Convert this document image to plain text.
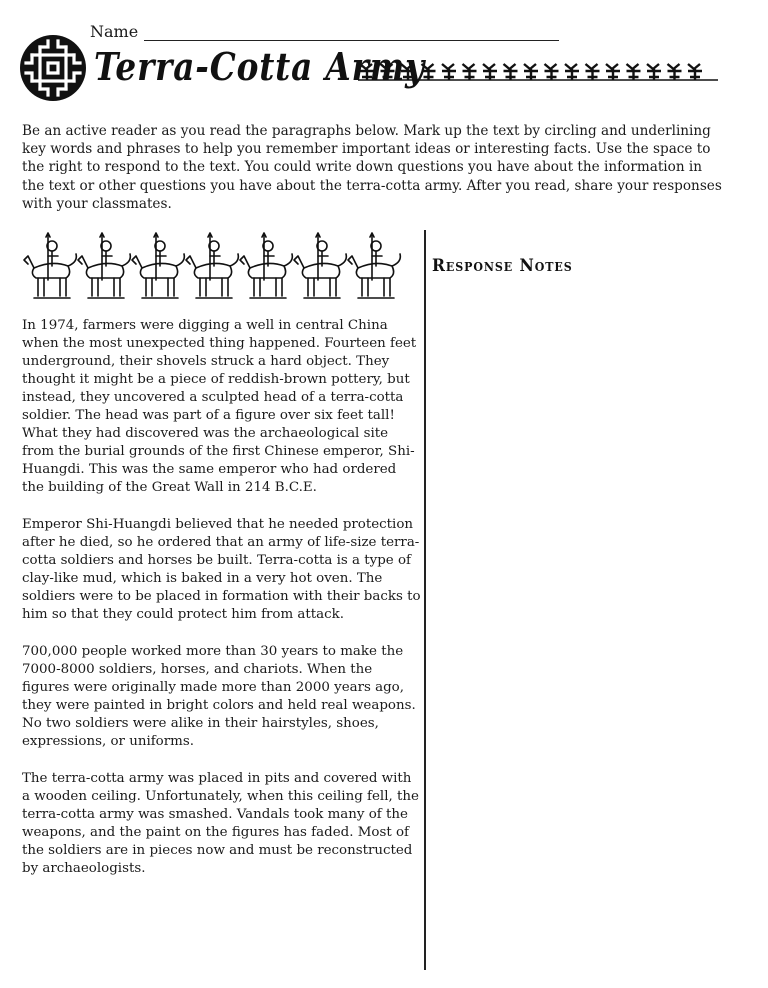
Name
Terra-Cotta Army

Be an active reader as you read the paragraphs below. Mark up the text by circling and underlining key words and phrases to help you remember important ideas or interesting facts. Use the space to the right to respond to the text. You could write down questions you have about the information in the text or other questions you have about the terra-cotta army. After you read, share your responses with your classmates.

Response Notes

In 1974, farmers were digging a well in central China when the most unexpected thing happened. Fourteen feet underground, their shovels struck a hard object. They thought it might be a piece of reddish-brown pottery, but instead, they uncovered a sculpted head of a terra-cotta soldier. The head was part of a figure over six feet tall! What they had discovered was the archaeological site from the burial grounds of the first Chinese emperor, Shi-Huangdi. This was the same emperor who had ordered the building of the Great Wall in 214 B.C.E.

Emperor Shi-Huangdi believed that he needed protection after he died, so he ordered that an army of life-size terra-cotta soldiers and horses be built. Terra-cotta is a type of clay-like mud, which is baked in a very hot oven. The soldiers were to be placed in formation with their backs to him so that they could protect him from attack.

700,000 people worked more than 30 years to make the 7000-8000 soldiers, horses, and chariots. When the figures were originally made more than 2000 years ago, they were painted in bright colors and held real weapons. No two soldiers were alike in their hairstyles, shoes, expressions, or uniforms.

The terra-cotta army was placed in pits and covered with a wooden ceiling. Unfortunately, when this ceiling fell, the terra-cotta army was smashed. Vandals took many of the weapons, and the paint on the figures has faded. Most of the soldiers are in pieces now and must be reconstructed by archaeologists.
